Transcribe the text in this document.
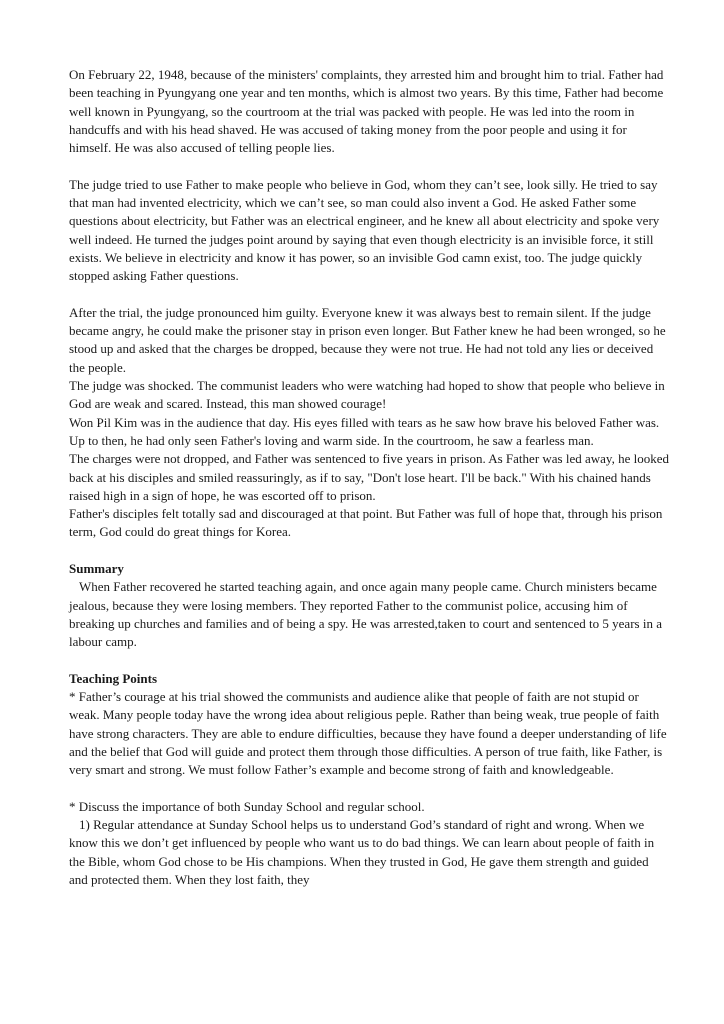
On February 22, 1948, because of the ministers' complaints, they arrested him and brought him to trial. Father had been teaching in Pyungyang one year and ten months, which is almost two years. By this time, Father had become well known in Pyungyang, so the courtroom at the trial was packed with people. He was led into the room in handcuffs and with his head shaved. He was accused of taking money from the poor people and using it for himself. He was also accused of telling people lies.

The judge tried to use Father to make people who believe in God, whom they can’t see, look silly. He tried to say that man had invented electricity, which we can’t see, so man could also invent a God. He asked Father some questions about electricity, but Father was an electrical engineer, and he knew all about electricity and spoke very well indeed. He turned the judges point around by saying that even though electricity is an invisible force, it still exists. We believe in electricity and know it has power, so an invisible God camn exist, too. The judge quickly stopped asking Father questions.

After the trial, the judge pronounced him guilty. Everyone knew it was always best to remain silent. If the judge became angry, he could make the prisoner stay in prison even longer. But Father knew he had been wronged, so he stood up and asked that the charges be dropped, because they were not true. He had not told any lies or deceived the people.

The judge was shocked. The communist leaders who were watching had hoped to show that people who believe in God are weak and scared. Instead, this man showed courage!

Won Pil Kim was in the audience that day. His eyes filled with tears as he saw how brave his beloved Father was. Up to then, he had only seen Father's loving and warm side. In the courtroom, he saw a fearless man.

The charges were not dropped, and Father was sentenced to five years in prison. As Father was led away, he looked back at his disciples and smiled reassuringly, as if to say, "Don't lose heart. I'll be back." With his chained hands raised high in a sign of hope, he was escorted off to prison.

Father's disciples felt totally sad and discouraged at that point. But Father was full of hope that, through his prison term, God could do great things for Korea.

Summary

When Father recovered he started teaching again, and once again many people came. Church ministers became jealous, because they were losing members. They reported Father to the communist police, accusing him of breaking up churches and families and of being a spy. He was arrested,taken to court and sentenced to 5 years in a labour camp.

Teaching Points

* Father’s courage at his trial showed the communists and audience alike that people of faith are not stupid or weak. Many people today have the wrong idea about religious peple. Rather than being weak, true people of faith have strong characters. They are able to endure difficulties, because they have found a deeper understanding of life and the belief that God will guide and protect them through those difficulties. A person of true faith, like Father, is very smart and strong. We must follow Father’s example and become strong of faith and knowledgeable.

* Discuss the importance of both Sunday School and regular school.

1) Regular attendance at Sunday School helps us to understand God’s standard of right and wrong. When we know this we don’t get influenced by people who want us to do bad things. We can learn about people of faith in the Bible, whom God chose to be His champions. When they trusted in God, He gave them strength and guided and protected them. When they lost faith, they
